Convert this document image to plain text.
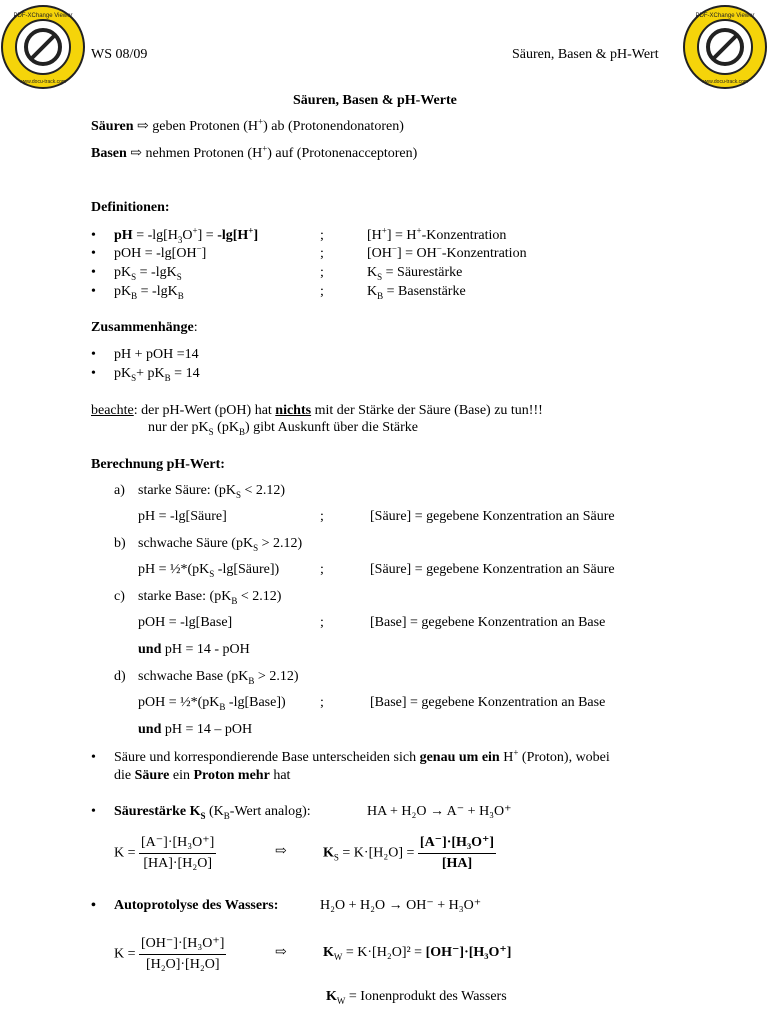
PDF-XChange Viewer
www.docu-track.com
PDF-XChange Viewer
www.docu-track.com
WS 08/09	Säuren, Basen & pH-Wert
Säuren, Basen & pH-Werte
Säuren ⇨ geben Protonen (H+) ab (Protonendonatoren)
Basen ⇨ nehmen Protonen (H+) auf (Protonenacceptoren)
Definitionen:
• pH = $-\lg[H_3O^+] = -\lg[H^+]$	;	[H+] = H+-Konzentration
• pOH = -lg[OH−]	;	[OH−] = OH−-Konzentration
• $pK_S = -\lg K_S$	;	$K_S$ = Säurestärke
• $pK_B = -\lg K_B$	;	$K_B$ = Basenstärke
Zusammenhänge:
• pH + pOH =14
• $pK_S+ pK_B = 14$
beachte: der pH-Wert (pOH) hat nichts mit der Stärke der Säure (Base) zu tun!!!
nur der $pK_S$ $(pK_B)$ gibt Auskunft über die Stärke
Berechnung pH-Wert:
a) starke Säure: $(pK_S < 2.12)$
pH = -lg[Säure]	;	[Säure] = gegebene Konzentration an Säure
b) schwache Säure $(pK_S > 2.12)$
pH = $\frac{1}{2}*(pK_S$ -lg[Säure])	;	[Säure] = gegebene Konzentration an Säure
c) starke Base: $(pK_B < 2.12)$
pOH = -lg[Base]	;	[Base] = gegebene Konzentration an Base
und pH = 14 - pOH
d) schwache Base $(pK_B > 2.12)$
pOH = $\frac{1}{2}*(pK_B$ -lg[Base]) ;	[Base] = gegebene Konzentration an Base
und pH = 14 – pOH
• Säure und korrespondierende Base unterscheiden sich genau um ein H+ (Proton), wobei
die Säure ein Proton mehr hat
• Säurestärke $K_S$ ($K_B$-Wert analog):	HA + H₂O → A⁻ + H₃O⁺
$K = \frac{\text{[A⁻]·[H₃O⁺]}}{\text{[HA]·[H₂O]}}$	⇨	$K_S = K\cdot[H_2O] = \frac{\text{[A⁻]·[H₃O⁺]}}{[HA]}$
• Autoprotolyse des Wassers:	H₂O + H₂O → OH⁻ + H₃O⁺
$K = \frac{\text{[OH⁻]·[H₃O⁺]}}{\text{[H₂O]·[H₂O]}}$	⇨	$K_W = K\cdot[H_2O]^2 = [OH^-]\cdot[H_3O^+]$
$K_W$ = Ionenprodukt des Wassers
